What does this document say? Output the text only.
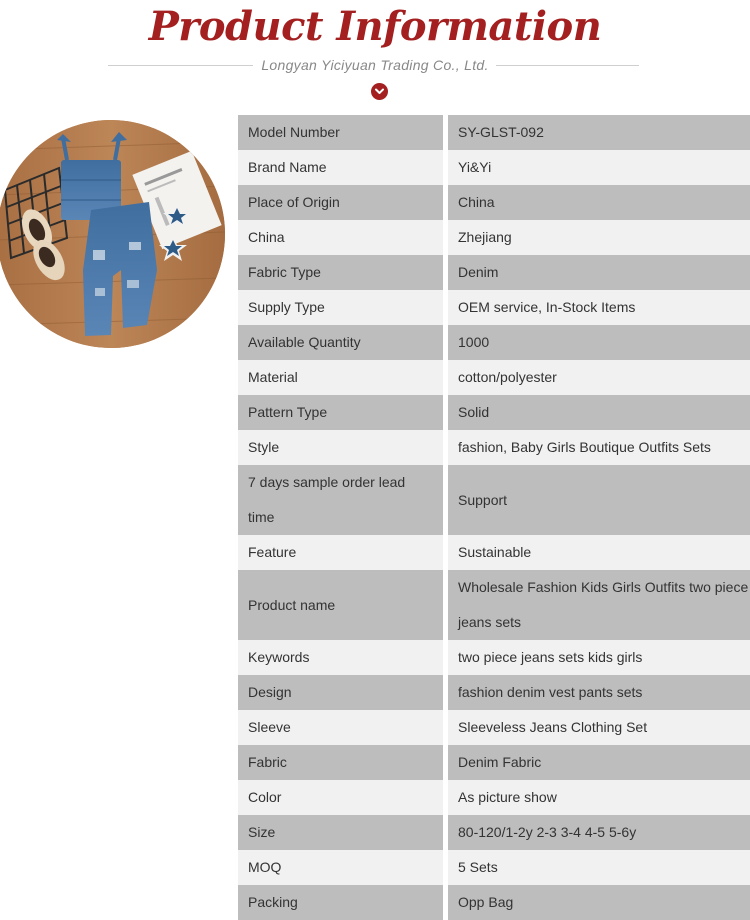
Product Information
Longyan Yiciyuan Trading Co., Ltd.
Model Number	SY-GLST-092
Brand Name	Yi&Yi
Place of Origin	China
China	Zhejiang
Fabric Type	Denim
Supply Type	OEM service, In-Stock Items
Available Quantity	1000
Material	cotton/polyester
Pattern Type	Solid
Style	fashion, Baby Girls Boutique Outfits Sets
7 days sample order lead time	Support
Feature	Sustainable
Product name	Wholesale Fashion Kids Girls Outfits two piece jeans sets
Keywords	two piece jeans sets kids girls
Design	fashion denim vest pants sets
Sleeve	Sleeveless Jeans Clothing Set
Fabric	Denim Fabric
Color	As picture show
Size	80-120/1-2y 2-3 3-4 4-5 5-6y
MOQ	5 Sets
Packing	Opp Bag
